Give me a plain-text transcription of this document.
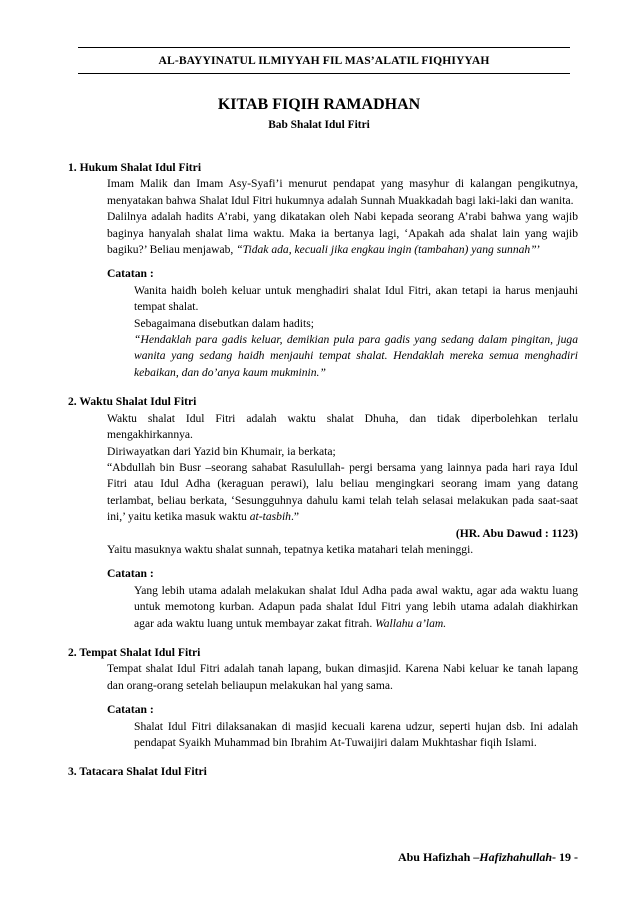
AL-BAYYINATUL ILMIYYAH FIL MAS’ALATIL FIQHIYYAH
KITAB FIQIH RAMADHAN
Bab Shalat Idul Fitri
1. Hukum Shalat Idul Fitri
Imam Malik dan Imam Asy-Syafi’i menurut pendapat yang masyhur di kalangan pengikutnya, menyatakan bahwa Shalat Idul Fitri hukumnya adalah Sunnah Muakkadah bagi laki-laki dan wanita.
Dalilnya adalah hadits A’rabi, yang dikatakan oleh Nabi kepada seorang A’rabi bahwa yang wajib baginya hanyalah shalat lima waktu. Maka ia bertanya lagi, ‘Apakah ada shalat lain yang wajib bagiku?’ Beliau menjawab, “Tidak ada, kecuali jika engkau ingin (tambahan) yang sunnah”’
Catatan :
Wanita haidh boleh keluar untuk menghadiri shalat Idul Fitri, akan tetapi ia harus menjauhi tempat shalat.
Sebagaimana disebutkan dalam hadits;
“Hendaklah para gadis keluar, demikian pula para gadis yang sedang dalam pingitan, juga wanita yang sedang haidh menjauhi tempat shalat. Hendaklah mereka semua menghadiri kebaikan, dan do’anya kaum mukminin.”
2. Waktu Shalat Idul Fitri
Waktu shalat Idul Fitri adalah waktu shalat Dhuha, dan tidak diperbolehkan terlalu mengakhirkannya.
Diriwayatkan dari Yazid bin Khumair, ia berkata;
“Abdullah bin Busr –seorang sahabat Rasulullah- pergi bersama yang lainnya pada hari raya Idul Fitri atau Idul Adha (keraguan perawi), lalu beliau mengingkari seorang imam yang datang terlambat, beliau berkata, ‘Sesungguhnya dahulu kami telah telah selasai melakukan pada saat-saat ini,’ yaitu ketika masuk waktu at-tasbih.”
(HR. Abu Dawud : 1123)
Yaitu masuknya waktu shalat sunnah, tepatnya ketika matahari telah meninggi.
Catatan :
Yang lebih utama adalah melakukan shalat Idul Adha pada awal waktu, agar ada waktu luang untuk memotong kurban. Adapun pada shalat Idul Fitri yang lebih utama adalah diakhirkan agar ada waktu luang untuk membayar zakat fitrah. Wallahu a’lam.
2. Tempat Shalat Idul Fitri
Tempat shalat Idul Fitri adalah tanah lapang, bukan dimasjid. Karena Nabi keluar ke tanah lapang dan orang-orang setelah beliaupun melakukan hal yang sama.
Catatan :
Shalat Idul Fitri dilaksanakan di masjid kecuali karena udzur, seperti hujan dsb. Ini adalah pendapat Syaikh Muhammad bin Ibrahim At-Tuwaijiri dalam Mukhtashar fiqih Islami.
3. Tatacara Shalat Idul Fitri
Abu Hafizhah –Hafizhahullah- 19 -
